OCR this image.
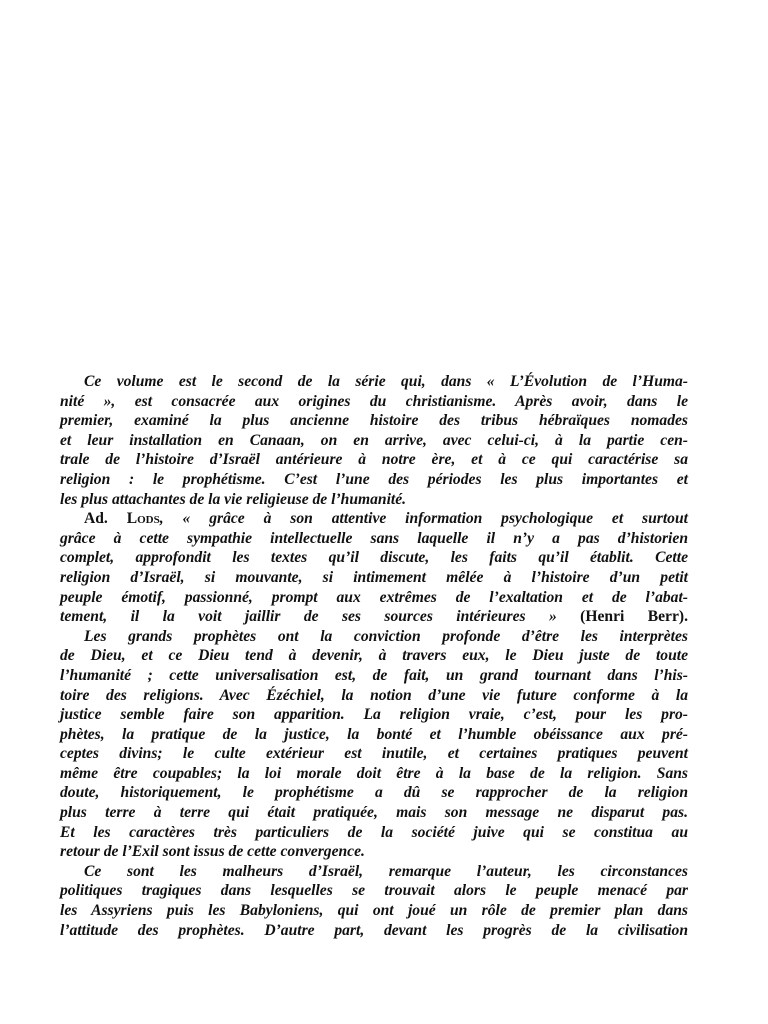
Ce volume est le second de la série qui, dans « L’Évolution de l’Huma-
nité », est consacrée aux origines du christianisme. Après avoir, dans le
premier, examiné la plus ancienne histoire des tribus hébraïques nomades
et leur installation en Canaan, on en arrive, avec celui-ci, à la partie cen-
trale de l’histoire d’Israël antérieure à notre ère, et à ce qui caractérise sa
religion : le prophétisme. C’est l’une des périodes les plus importantes et
les plus attachantes de la vie religieuse de l’humanité.

Ad. Lods, « grâce à son attentive information psychologique et surtout
grâce à cette sympathie intellectuelle sans laquelle il n’y a pas d’historien
complet, approfondit les textes qu’il discute, les faits qu’il établit. Cette
religion d’Israël, si mouvante, si intimement mêlée à l’histoire d’un petit
peuple émotif, passionné, prompt aux extrêmes de l’exaltation et de l’abat-
tement, il la voit jaillir de ses sources intérieures » (Henri Berr).

Les grands prophètes ont la conviction profonde d’être les interprètes
de Dieu, et ce Dieu tend à devenir, à travers eux, le Dieu juste de toute
l’humanité ; cette universalisation est, de fait, un grand tournant dans l’his-
toire des religions. Avec Ézéchiel, la notion d’une vie future conforme à la
justice semble faire son apparition. La religion vraie, c’est, pour les pro-
phètes, la pratique de la justice, la bonté et l’humble obéissance aux pré-
ceptes divins; le culte extérieur est inutile, et certaines pratiques peuvent
même être coupables; la loi morale doit être à la base de la religion. Sans
doute, historiquement, le prophétisme a dû se rapprocher de la religion
plus terre à terre qui était pratiquée, mais son message ne disparut pas.
Et les caractères très particuliers de la société juive qui se constitua au
retour de l’Exil sont issus de cette convergence.

Ce sont les malheurs d’Israël, remarque l’auteur, les circonstances
politiques tragiques dans lesquelles se trouvait alors le peuple menacé par
les Assyriens puis les Babyloniens, qui ont joué un rôle de premier plan dans
l’attitude des prophètes. D’autre part, devant les progrès de la civilisation
